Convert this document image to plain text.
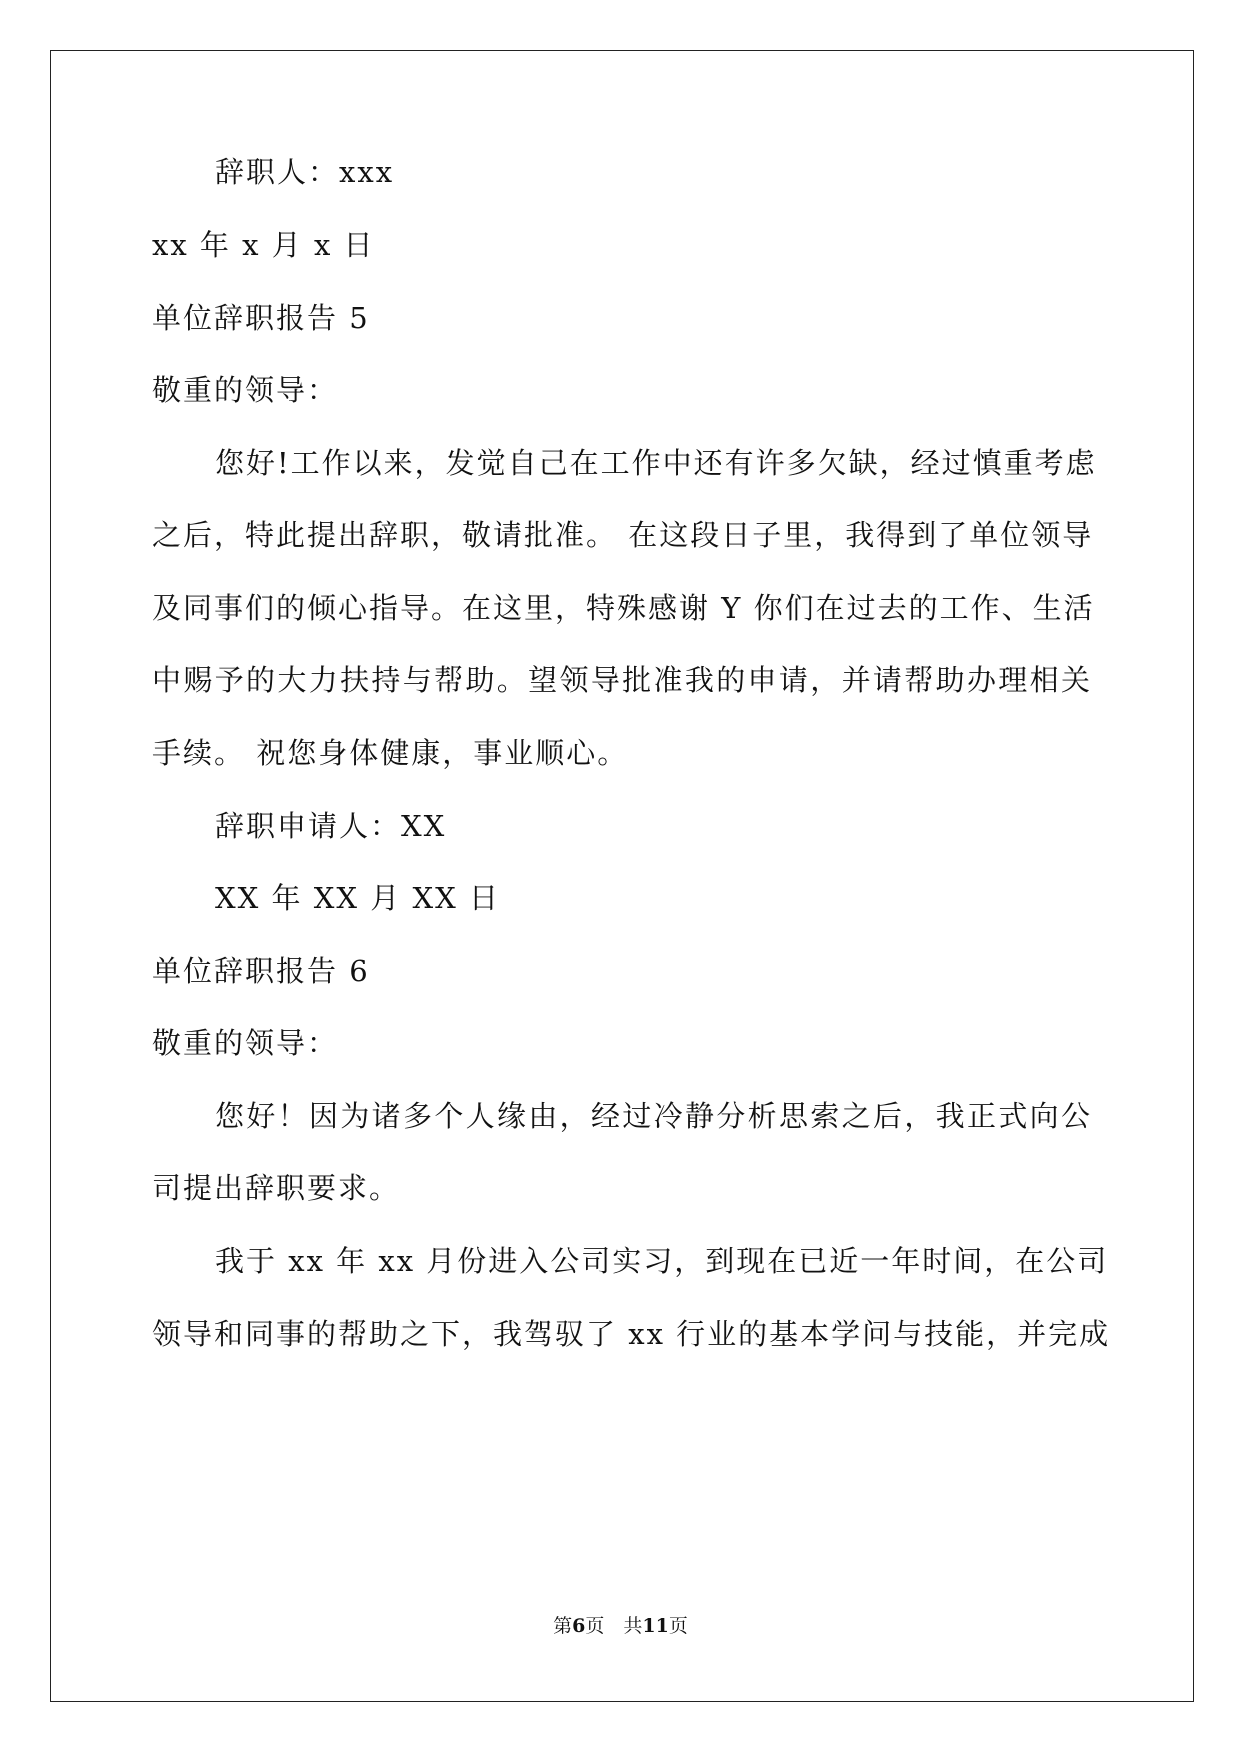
辞职人：xxx

xx 年 x 月 x 日

单位辞职报告 5

敬重的领导：

您好!工作以来，发觉自己在工作中还有许多欠缺，经过慎重考虑

之后，特此提出辞职，敬请批准。 在这段日子里，我得到了单位领导

及同事们的倾心指导。在这里，特殊感谢 Y 你们在过去的工作、生活

中赐予的大力扶持与帮助。望领导批准我的申请，并请帮助办理相关

手续。 祝您身体健康，事业顺心。

辞职申请人：XX

XX 年 XX 月 XX 日

单位辞职报告 6

敬重的领导：

您好！因为诸多个人缘由，经过冷静分析思索之后，我正式向公

司提出辞职要求。

我于 xx 年 xx 月份进入公司实习，到现在已近一年时间，在公司

领导和同事的帮助之下，我驾驭了 xx 行业的基本学问与技能，并完成

第6页　共11页
